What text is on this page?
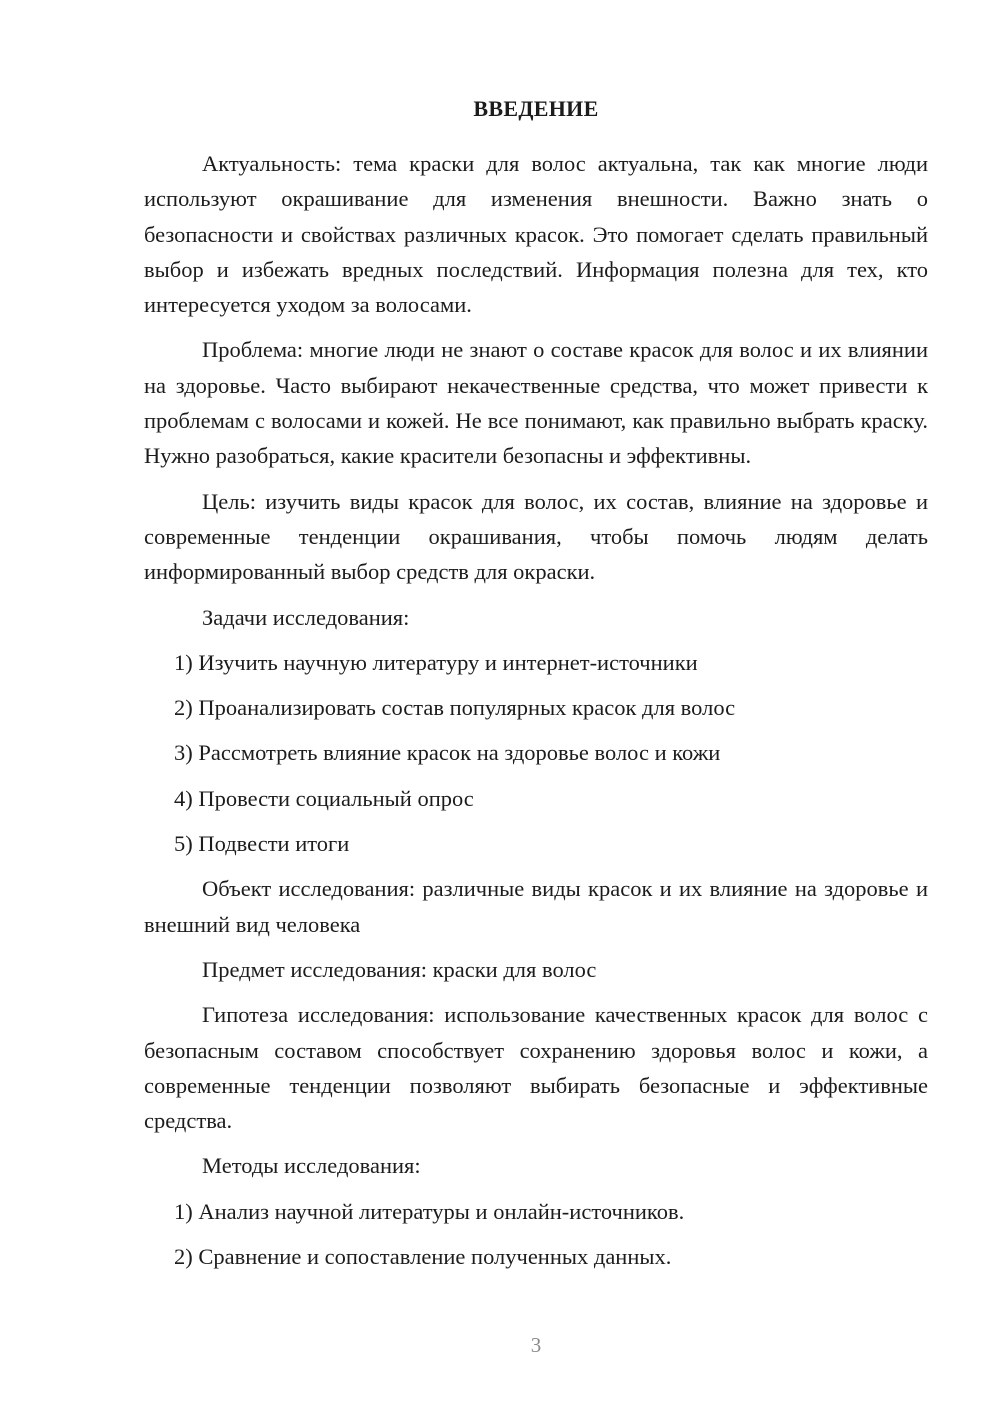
ВВЕДЕНИЕ

Актуальность: тема краски для волос актуальна, так как многие люди используют окрашивание для изменения внешности. Важно знать о безопасности и свойствах различных красок. Это помогает сделать правильный выбор и избежать вредных последствий. Информация полезна для тех, кто интересуется уходом за волосами.

Проблема: многие люди не знают о составе красок для волос и их влиянии на здоровье. Часто выбирают некачественные средства, что может привести к проблемам с волосами и кожей. Не все понимают, как правильно выбрать краску. Нужно разобраться, какие красители безопасны и эффективны.

Цель: изучить виды красок для волос, их состав, влияние на здоровье и современные тенденции окрашивания, чтобы помочь людям делать информированный выбор средств для окраски.

Задачи исследования:

1) Изучить научную литературу и интернет-источники

2) Проанализировать состав популярных красок для волос

3) Рассмотреть влияние красок на здоровье волос и кожи

4) Провести социальный опрос

5) Подвести итоги

Объект исследования: различные виды красок и их влияние на здоровье и внешний вид человека

Предмет исследования: краски для волос

Гипотеза исследования: использование качественных красок для волос с безопасным составом способствует сохранению здоровья волос и кожи, а современные тенденции позволяют выбирать безопасные и эффективные средства.

Методы исследования:

1) Анализ научной литературы и онлайн-источников.

2) Сравнение и сопоставление полученных данных.

3
